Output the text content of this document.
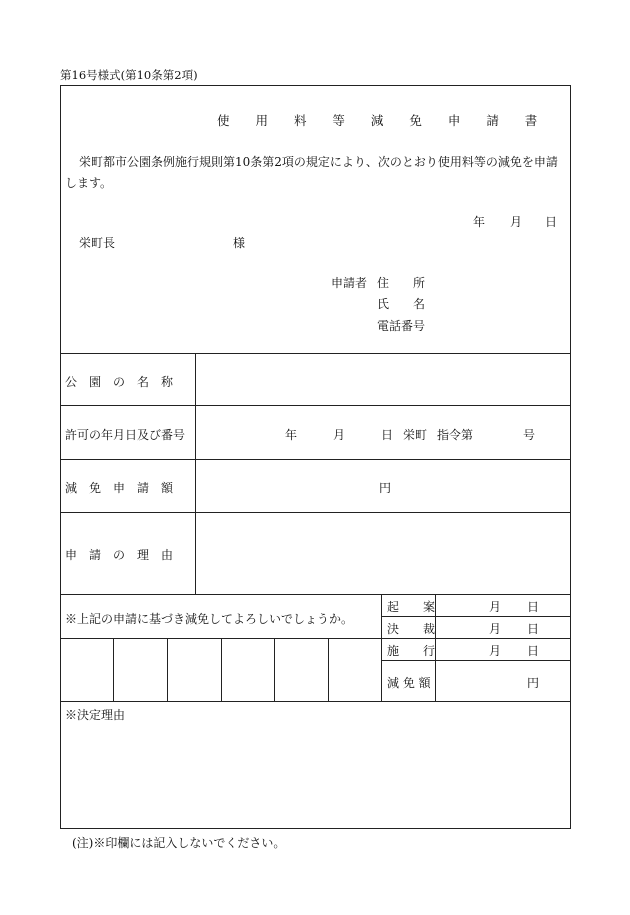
第16号様式(第10条第2項)
使 用 料 等 減 免 申 請 書
栄町都市公園条例施行規則第10条第2項の規定により、次のとおり使用料等の減免を申請します。
年 月 日
栄町長	様
申請者 住　　所
氏　　名
電話番号
公　園　の　名　称
許可の年月日及び番号	年	月	日 栄町 指令第	号
減　免　申　請　額	円
申　請　の　理　由
※上記の申請に基づき減免してよろしいでしょうか。
起　　案	月 日
決　　裁	月 日
施　　行	月 日
減 免 額	円
※決定理由
(注)※印欄には記入しないでください。
